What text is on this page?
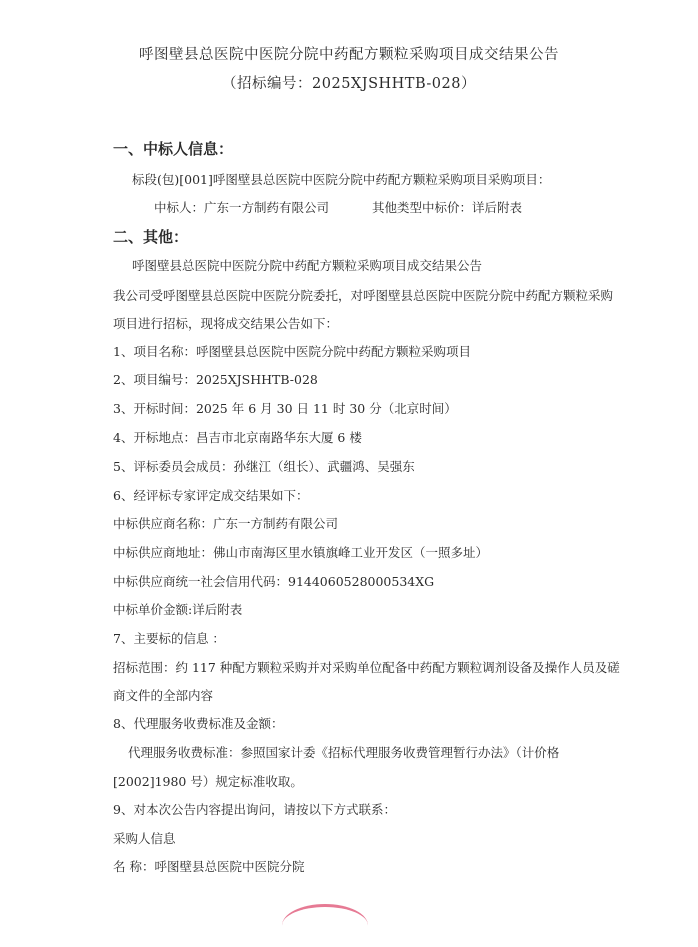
呼图壁县总医院中医院分院中药配方颗粒采购项目成交结果公告
（招标编号：2025XJSHHTB-028）
一、中标人信息：
标段(包)[001]呼图壁县总医院中医院分院中药配方颗粒采购项目采购项目：
中标人：广东一方制药有限公司	其他类型中标价：详后附表
二、其他：
呼图壁县总医院中医院分院中药配方颗粒采购项目成交结果公告
我公司受呼图壁县总医院中医院分院委托，对呼图壁县总医院中医院分院中药配方颗粒采购
项目进行招标，现将成交结果公告如下：
1、项目名称：呼图壁县总医院中医院分院中药配方颗粒采购项目
2、项目编号：2025XJSHHTB-028
3、开标时间：2025 年 6 月 30 日 11 时 30 分（北京时间）
4、开标地点：昌吉市北京南路华东大厦 6 楼
5、评标委员会成员：孙继江（组长）、武疆鸿、吴强东
6、经评标专家评定成交结果如下：
中标供应商名称：广东一方制药有限公司
中标供应商地址：佛山市南海区里水镇旗峰工业开发区（一照多址）
中标供应商统一社会信用代码：9144060528000534XG
中标单价金额:详后附表
7、主要标的信息 ：
招标范围：约 117 种配方颗粒采购并对采购单位配备中药配方颗粒调剂设备及操作人员及磋
商文件的全部内容
8、代理服务收费标准及金额：
代理服务收费标准：参照国家计委《招标代理服务收费管理暂行办法》（计价格
[2002]1980 号）规定标准收取。
9、对本次公告内容提出询问，请按以下方式联系：
采购人信息
名 称：呼图壁县总医院中医院分院
